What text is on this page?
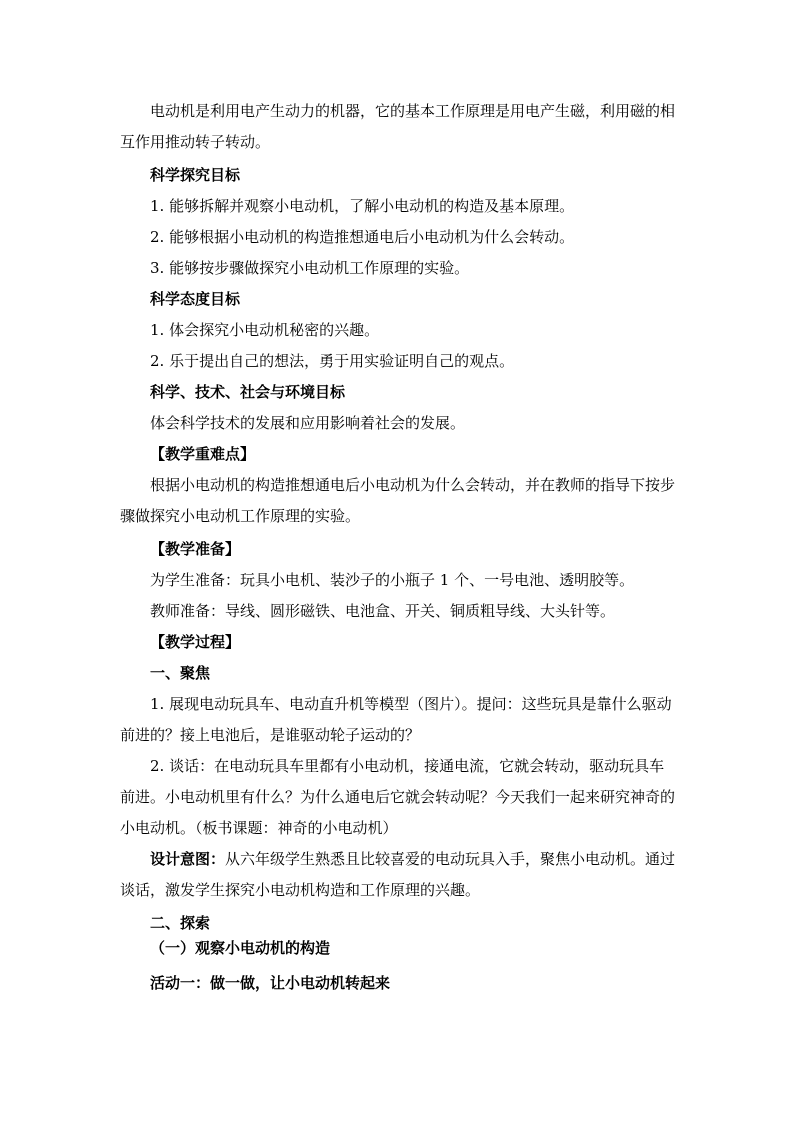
电动机是利用电产生动力的机器，它的基本工作原理是用电产生磁，利用磁的相互作用推动转子转动。

科学探究目标

1. 能够拆解并观察小电动机，了解小电动机的构造及基本原理。

2. 能够根据小电动机的构造推想通电后小电动机为什么会转动。

3. 能够按步骤做探究小电动机工作原理的实验。

科学态度目标

1. 体会探究小电动机秘密的兴趣。

2. 乐于提出自己的想法，勇于用实验证明自己的观点。

科学、技术、社会与环境目标

体会科学技术的发展和应用影响着社会的发展。

【教学重难点】

根据小电动机的构造推想通电后小电动机为什么会转动，并在教师的指导下按步骤做探究小电动机工作原理的实验。

【教学准备】

为学生准备：玩具小电机、装沙子的小瓶子 1 个、一号电池、透明胶等。

教师准备：导线、圆形磁铁、电池盒、开关、铜质粗导线、大头针等。

【教学过程】

一、聚焦

1. 展现电动玩具车、电动直升机等模型（图片）。提问：这些玩具是靠什么驱动前进的？接上电池后，是谁驱动轮子运动的？

2. 谈话：在电动玩具车里都有小电动机，接通电流，它就会转动，驱动玩具车前进。小电动机里有什么？为什么通电后它就会转动呢？今天我们一起来研究神奇的小电动机。（板书课题：神奇的小电动机）

设计意图：从六年级学生熟悉且比较喜爱的电动玩具入手，聚焦小电动机。通过谈话，激发学生探究小电动机构造和工作原理的兴趣。

二、探索

（一）观察小电动机的构造

活动一：做一做，让小电动机转起来
